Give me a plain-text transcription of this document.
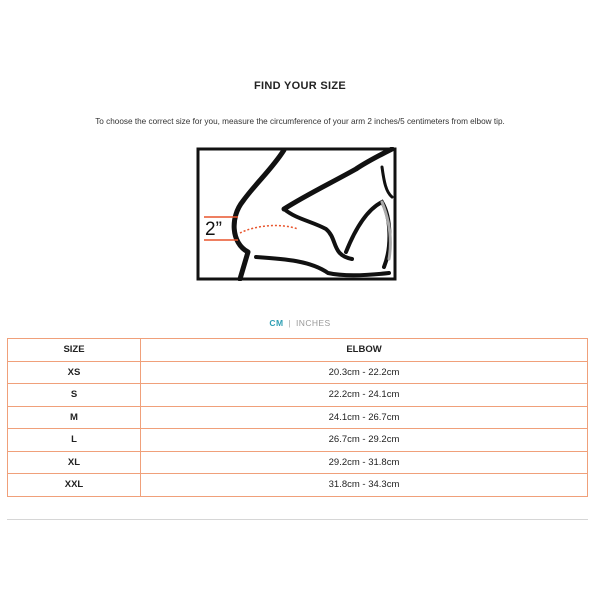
FIND YOUR SIZE
To choose the correct size for you, measure the circumference of your arm 2 inches/5 centimeters from elbow tip.
2”
CM | INCHES
SIZE	ELBOW
XS	20.3cm - 22.2cm
S	22.2cm - 24.1cm
M	24.1cm - 26.7cm
L	26.7cm - 29.2cm
XL	29.2cm - 31.8cm
XXL	31.8cm - 34.3cm
